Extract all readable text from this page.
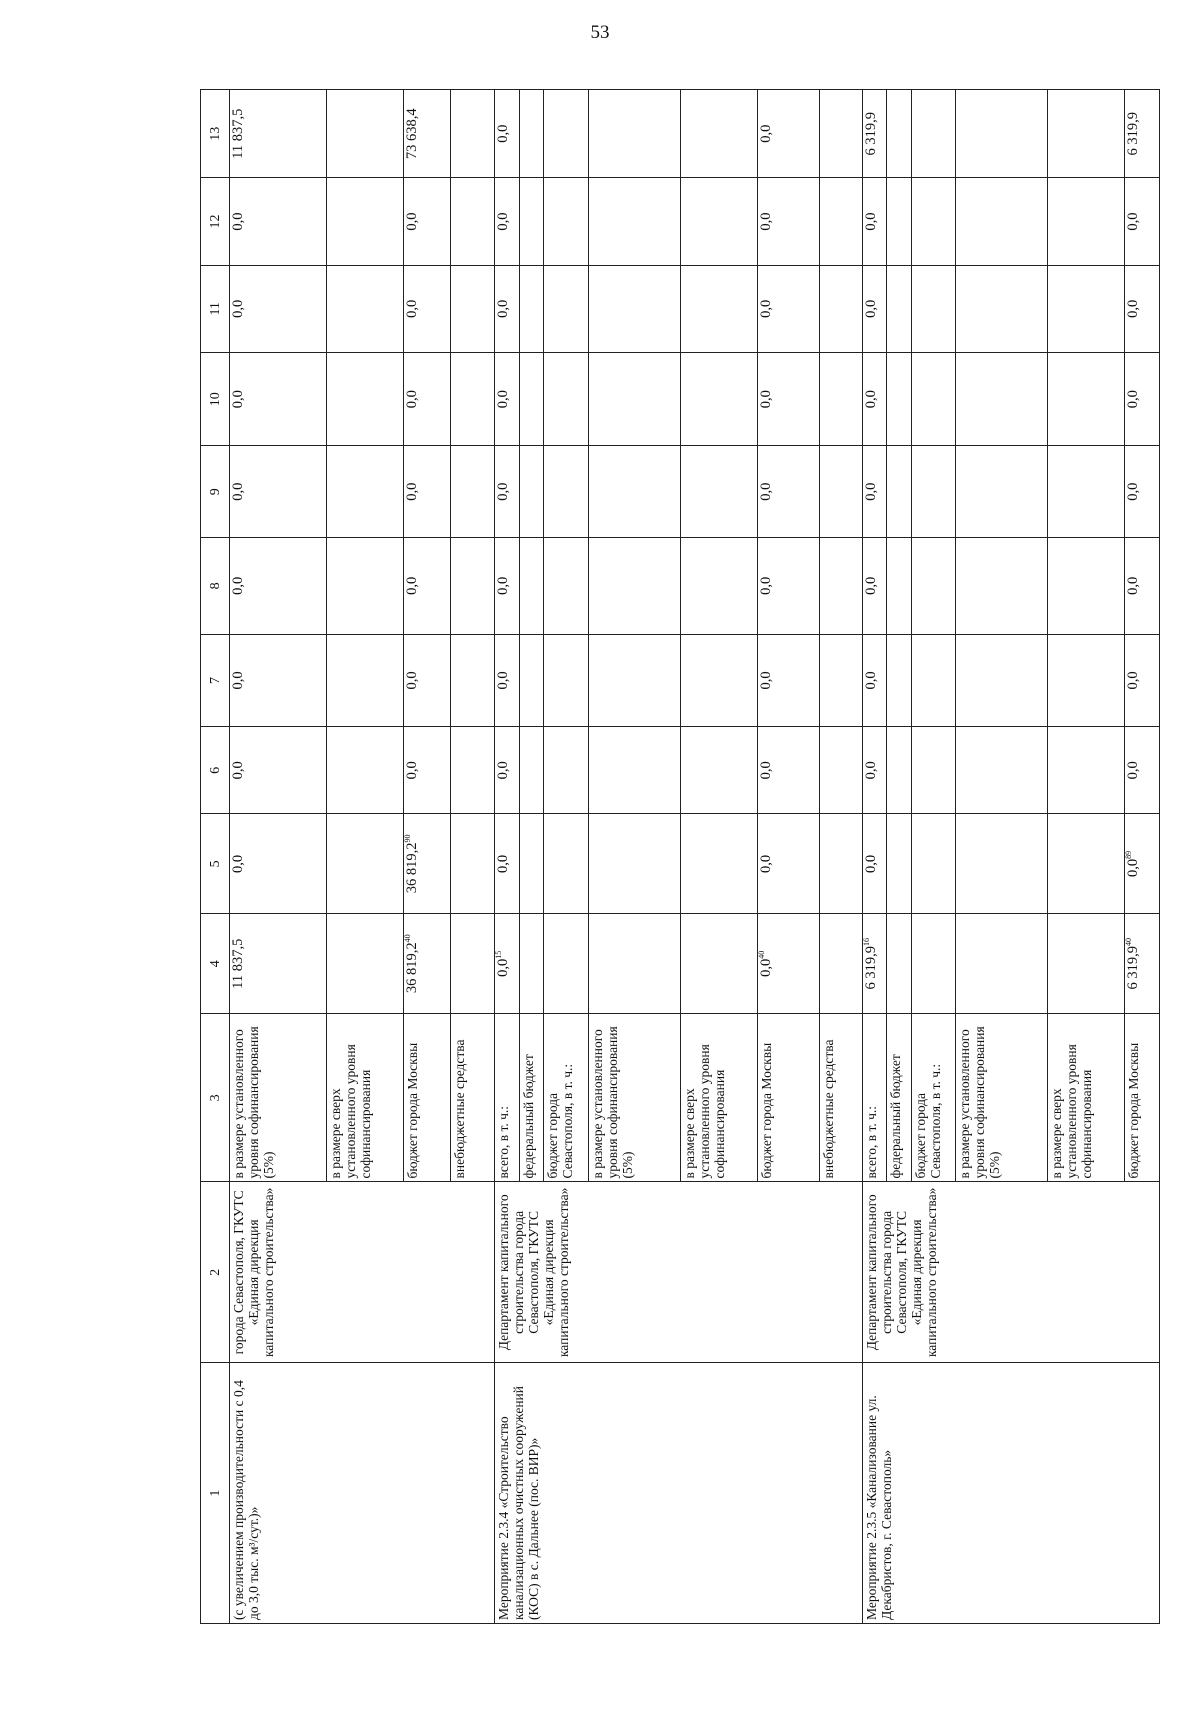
53
1	2	3	4	5	6	7	8	9	10	11	12	13
(с увеличением производительности с 0,4 до 3,0 тыс. м³/сут.)»	города Севастополя, ГКУТС «Единая дирекция капитального строительства»	в размере установленного уровня софинансирования (5%)	11 837,5	0,0	0,0	0,0	0,0	0,0	0,0	0,0	0,0	11 837,5
		в размере сверх установленного уровня софинансирования										
		бюджет города Москвы	36 819,2$^{40}$	36 819,2$^{90}$	0,0	0,0	0,0	0,0	0,0	0,0	0,0	73 638,4
		внебюджетные средства										
Мероприятие 2.3.4 «Строительство канализационных очистных сооружений (КОС) в с. Дальнее (пос. ВИР)»	Департамент капитального строительства города Севастополя, ГКУТС «Единая дирекция капитального строительства»	всего, в т. ч.:	$0,0^{15}$	0,0	0,0	0,0	0,0	0,0	0,0	0,0	0,0	0,0
		федеральный бюджет										
		бюджет города Севастополя, в т. ч.:										
		в размере установленного уровня софинансирования (5%)										
		в размере сверх установленного уровня софинансирования										
		бюджет города Москвы	$0,0^{40}$	0,0	0,0	0,0	0,0	0,0	0,0	0,0	0,0	0,0
		внебюджетные средства										
Мероприятие 2.3.5 «Канализование ул. Декабристов, г. Севастополь»	Департамент капитального строительства города Севастополя, ГКУТС «Единая дирекция капитального строительства»	всего, в т. ч.:	6 319,9$^{16}$	0,0	0,0	0,0	0,0	0,0	0,0	0,0	0,0	6 319,9
		федеральный бюджет										
		бюджет города Севастополя, в т. ч.:										
		в размере установленного уровня софинансирования (5%)										
		в размере сверх установленного уровня софинансирования										
		бюджет города Москвы	6 319,9$^{40}$	$0,0^{89}$	0,0	0,0	0,0	0,0	0,0	0,0	0,0	6 319,9
